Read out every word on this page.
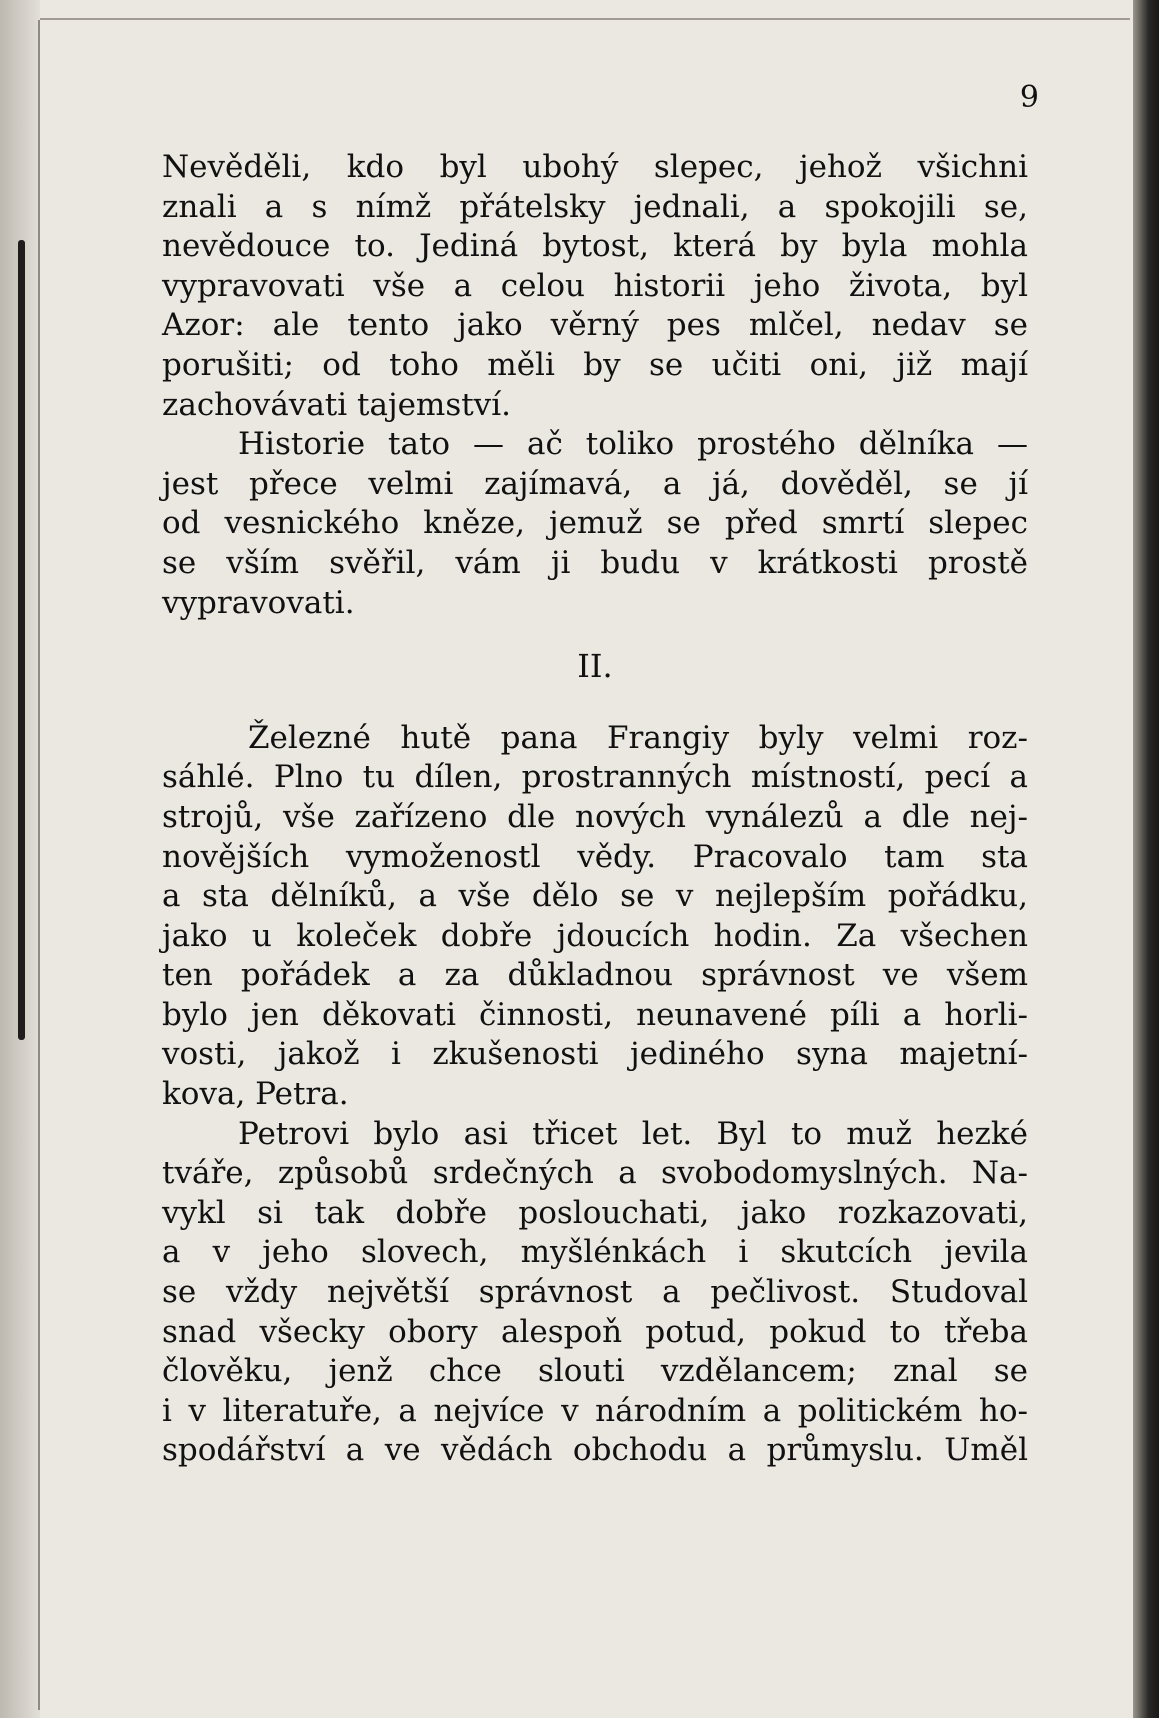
9

Nevěděli, kdo byl ubohý slepec, jehož všichni
znali a s nímž přátelsky jednali, a spokojili se,
nevědouce to. Jediná bytost, která by byla mohla
vypravovati vše a celou historii jeho života, byl
Azor: ale tento jako věrný pes mlčel, nedav se
porušiti; od toho měli by se učiti oni, již mají
zachovávati tajemství.

Historie tato — ač toliko prostého dělníka —
jest přece velmi zajímavá, a já, dověděl, se jí
od vesnického kněze, jemuž se před smrtí slepec
se vším svěřil, vám ji budu v krátkosti prostě
vypravovati.

II.

Železné hutě pana Frangiy byly velmi roz-
sáhlé. Plno tu dílen, prostranných místností, pecí a
strojů, vše zařízeno dle nových vynálezů a dle nej-
novějších vymoženostl vědy. Pracovalo tam sta
a sta dělníků, a vše dělo se v nejlepším pořádku,
jako u koleček dobře jdoucích hodin. Za všechen
ten pořádek a za důkladnou správnost ve všem
bylo jen děkovati činnosti, neunavené píli a horli-
vosti, jakož i zkušenosti jediného syna majetní-
kova, Petra.

Petrovi bylo asi třicet let. Byl to muž hezké
tváře, způsobů srdečných a svobodomyslných. Na-
vykl si tak dobře poslouchati, jako rozkazovati,
a v jeho slovech, myšlénkách i skutcích jevila
se vždy největší správnost a pečlivost. Studoval
snad všecky obory alespoň potud, pokud to třeba
člověku, jenž chce slouti vzdělancem; znal se
i v literatuře, a nejvíce v národním a politickém ho-
spodářství a ve vědách obchodu a průmyslu. Uměl
